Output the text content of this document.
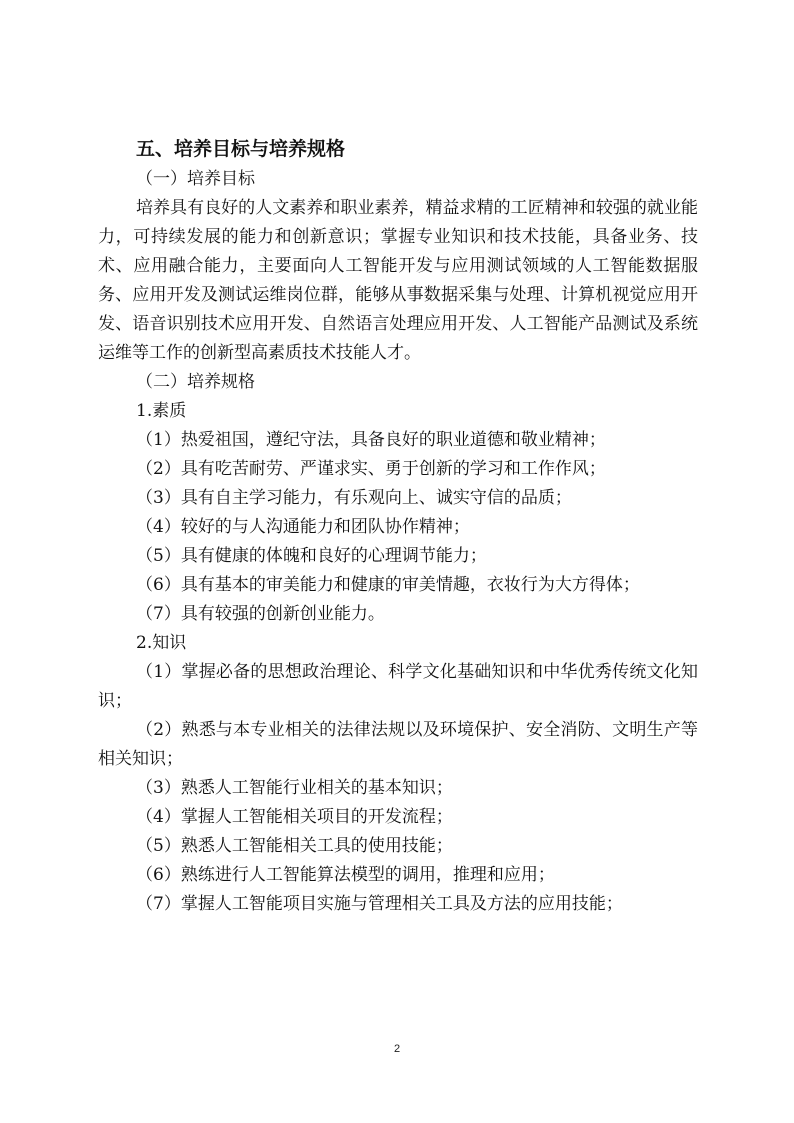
五、培养目标与培养规格
（一）培养目标

培养具有良好的人文素养和职业素养，精益求精的工匠精神和较强的就业能力，可持续发展的能力和创新意识；掌握专业知识和技术技能，具备业务、技术、应用融合能力，主要面向人工智能开发与应用测试领域的人工智能数据服务、应用开发及测试运维岗位群，能够从事数据采集与处理、计算机视觉应用开发、语音识别技术应用开发、自然语言处理应用开发、人工智能产品测试及系统运维等工作的创新型高素质技术技能人才。

（二）培养规格
1.素质
（1）热爱祖国，遵纪守法，具备良好的职业道德和敬业精神；
（2）具有吃苦耐劳、严谨求实、勇于创新的学习和工作作风；
（3）具有自主学习能力，有乐观向上、诚实守信的品质；
（4）较好的与人沟通能力和团队协作精神；
（5）具有健康的体魄和良好的心理调节能力；
（6）具有基本的审美能力和健康的审美情趣，衣妆行为大方得体；
（7）具有较强的创新创业能力。
2.知识

（1）掌握必备的思想政治理论、科学文化基础知识和中华优秀传统文化知识；

（2）熟悉与本专业相关的法律法规以及环境保护、安全消防、文明生产等相关知识；

（3）熟悉人工智能行业相关的基本知识；
（4）掌握人工智能相关项目的开发流程；
（5）熟悉人工智能相关工具的使用技能；
（6）熟练进行人工智能算法模型的调用，推理和应用；
（7）掌握人工智能项目实施与管理相关工具及方法的应用技能；
2
